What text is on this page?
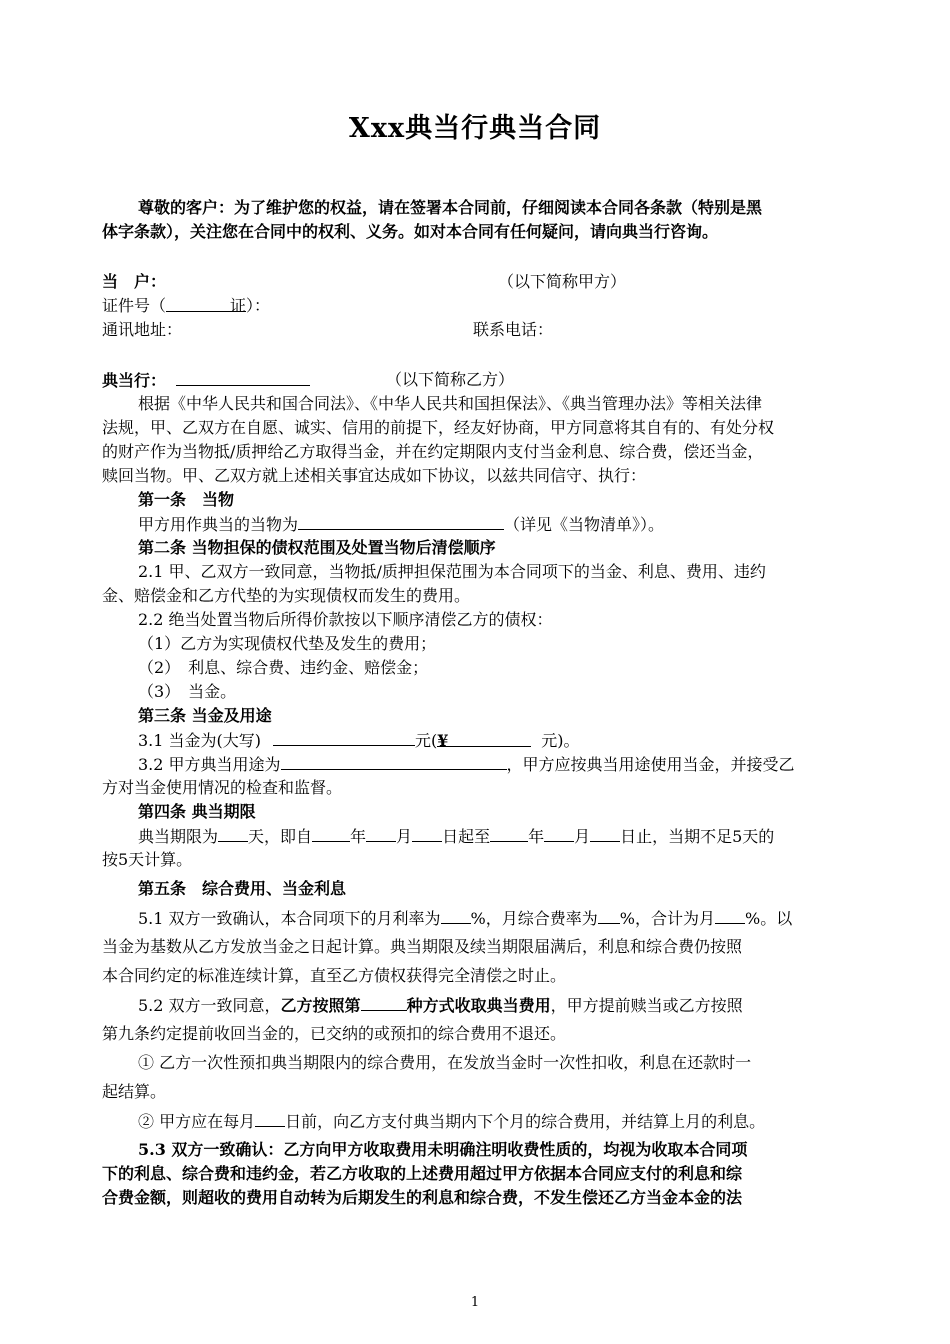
Xxx典当行典当合同
尊敬的客户：为了维护您的权益，请在签署本合同前，仔细阅读本合同各条款（特别是黑
体字条款），关注您在合同中的权利、义务。如对本合同有任何疑问，请向典当行咨询。
当　户：	（以下简称甲方）
证件号（	证）：
通讯地址：	联系电话：
典当行：	（以下简称乙方）
根据《中华人民共和国合同法》、《中华人民共和国担保法》、《典当管理办法》等相关法律
法规，甲、乙双方在自愿、诚实、信用的前提下，经友好协商，甲方同意将其自有的、有处分权
的财产作为当物抵/质押给乙方取得当金，并在约定期限内支付当金利息、综合费，偿还当金，
赎回当物。甲、乙双方就上述相关事宜达成如下协议，以兹共同信守、执行：
第一条　当物
甲方用作典当的当物为	（详见《当物清单》）。
第二条 当物担保的债权范围及处置当物后清偿顺序
2.1 甲、乙双方一致同意，当物抵/质押担保范围为本合同项下的当金、利息、费用、违约
金、赔偿金和乙方代垫的为实现债权而发生的费用。
2.2 绝当处置当物后所得价款按以下顺序清偿乙方的债权：
（1）乙方为实现债权代垫及发生的费用；
（2）　利息、综合费、违约金、赔偿金；
（3）　当金。
第三条 当金及用途
3.1 当金为(大写)	元(¥	元)。
3.2 甲方典当用途为	，甲方应按典当用途使用当金，并接受乙
方对当金使用情况的检查和监督。
第四条 典当期限
典当期限为 天，即自 年 月 日起至 年 月 日止，当期不足5天的
按5天计算。
第五条　综合费用、当金利息
5.1 双方一致确认，本合同项下的月利率为 %，月综合费率为 %，合计为月 %。以
当金为基数从乙方发放当金之日起计算。典当期限及续当期限届满后，利息和综合费仍按照
本合同约定的标准连续计算，直至乙方债权获得完全清偿之时止。
5.2 双方一致同意，乙方按照第	种方式收取典当费用，甲方提前赎当或乙方按照
第九条约定提前收回当金的，已交纳的或预扣的综合费用不退还。
① 乙方一次性预扣典当期限内的综合费用，在发放当金时一次性扣收，利息在还款时一
起结算。
② 甲方应在每月 日前，向乙方支付典当期内下个月的综合费用，并结算上月的利息。
5.3 双方一致确认：乙方向甲方收取费用未明确注明收费性质的，均视为收取本合同项
下的利息、综合费和违约金，若乙方收取的上述费用超过甲方依据本合同应支付的利息和综
合费金额，则超收的费用自动转为后期发生的利息和综合费，不发生偿还乙方当金本金的法
1
